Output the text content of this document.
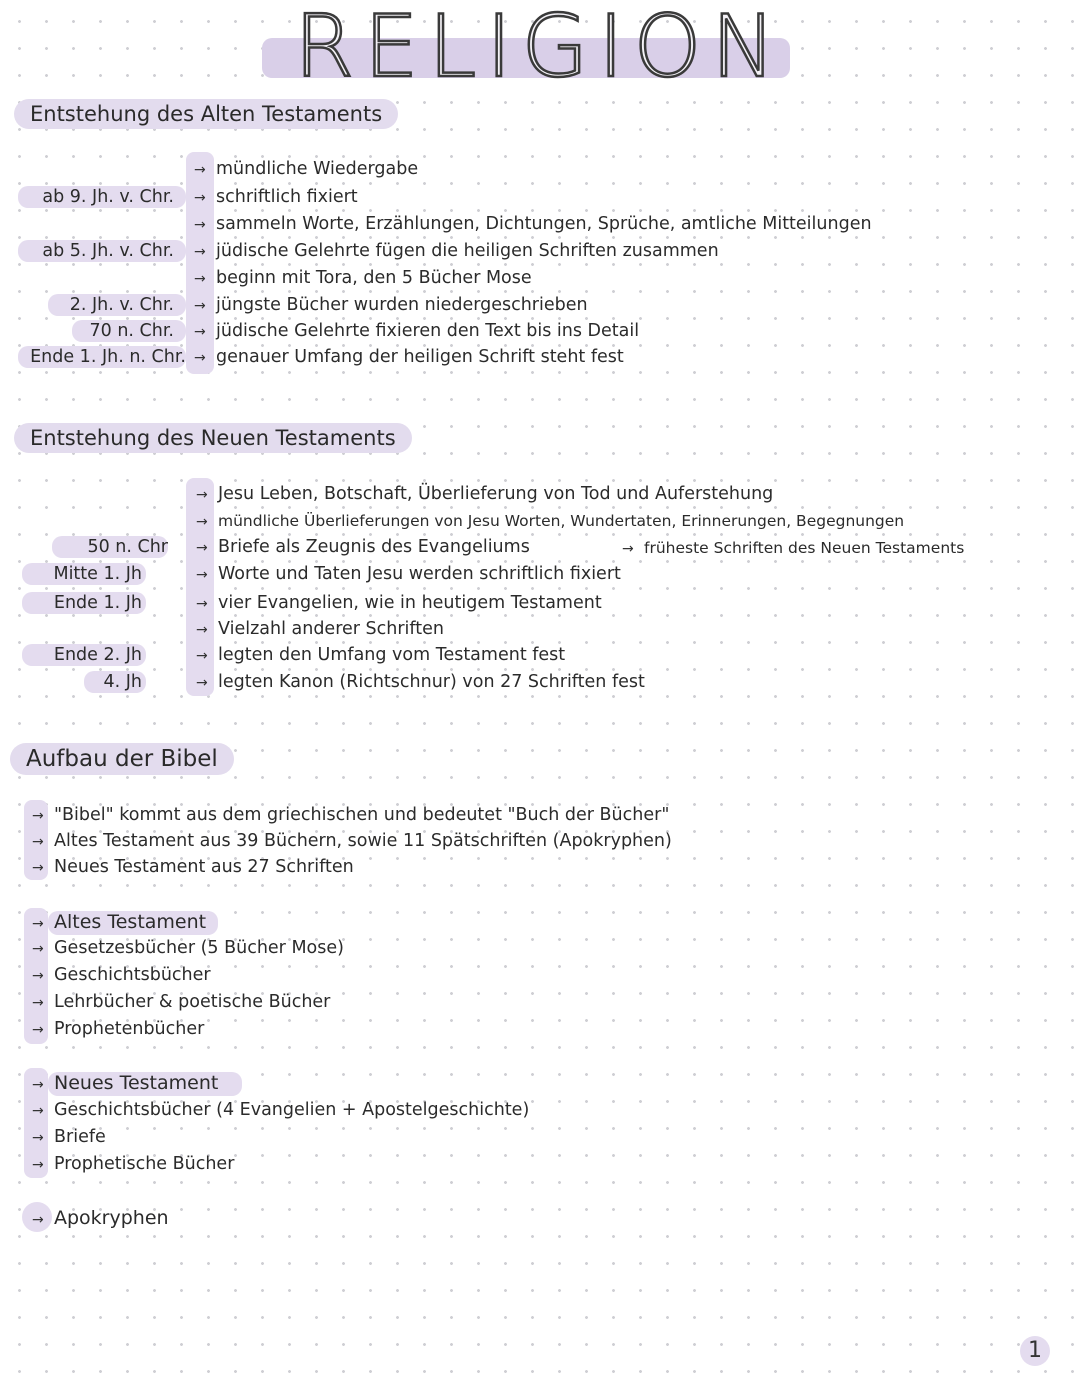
RELIGION
Entstehung des Alten Testaments
ab 9. Jh. v. Chr.
ab 5. Jh. v. Chr.
2. Jh. v. Chr.
70 n. Chr.
Ende 1. Jh. n. Chr.
→ mündliche Wiedergabe
→ schriftlich fixiert
→ sammeln Worte, Erzählungen, Dichtungen, Sprüche, amtliche Mitteilungen
→ jüdische Gelehrte fügen die heiligen Schriften zusammen
→ beginn mit Tora, den 5 Bücher Mose
→ jüngste Bücher wurden niedergeschrieben
→ jüdische Gelehrte fixieren den Text bis ins Detail
→ genauer Umfang der heiligen Schrift steht fest
Entstehung des Neuen Testaments
50 n. Chr
Mitte 1. Jh
Ende 1. Jh
Ende 2. Jh
4. Jh
→ Jesu Leben, Botschaft, Überlieferung von Tod und Auferstehung
→ mündliche Überlieferungen von Jesu Worten, Wundertaten, Erinnerungen, Begegnungen
→ Briefe als Zeugnis des Evangeliums	→ früheste Schriften des Neuen Testaments
→ Worte und Taten Jesu werden schriftlich fixiert
→ vier Evangelien, wie in heutigem Testament
→ Vielzahl anderer Schriften
→ legten den Umfang vom Testament fest
→ legten Kanon (Richtschnur) von 27 Schriften fest
Aufbau der Bibel
→ "Bibel" kommt aus dem griechischen und bedeutet "Buch der Bücher"
→ Altes Testament aus 39 Büchern, sowie 11 Spätschriften (Apokryphen)
→ Neues Testament aus 27 Schriften
→ Altes Testament
→ Gesetzesbücher (5 Bücher Mose)
→ Geschichtsbücher
→ Lehrbücher & poetische Bücher
→ Prophetenbücher
→ Neues Testament
→ Geschichtsbücher (4 Evangelien + Apostelgeschichte)
→ Briefe
→ Prophetische Bücher
→ Apokryphen
1
